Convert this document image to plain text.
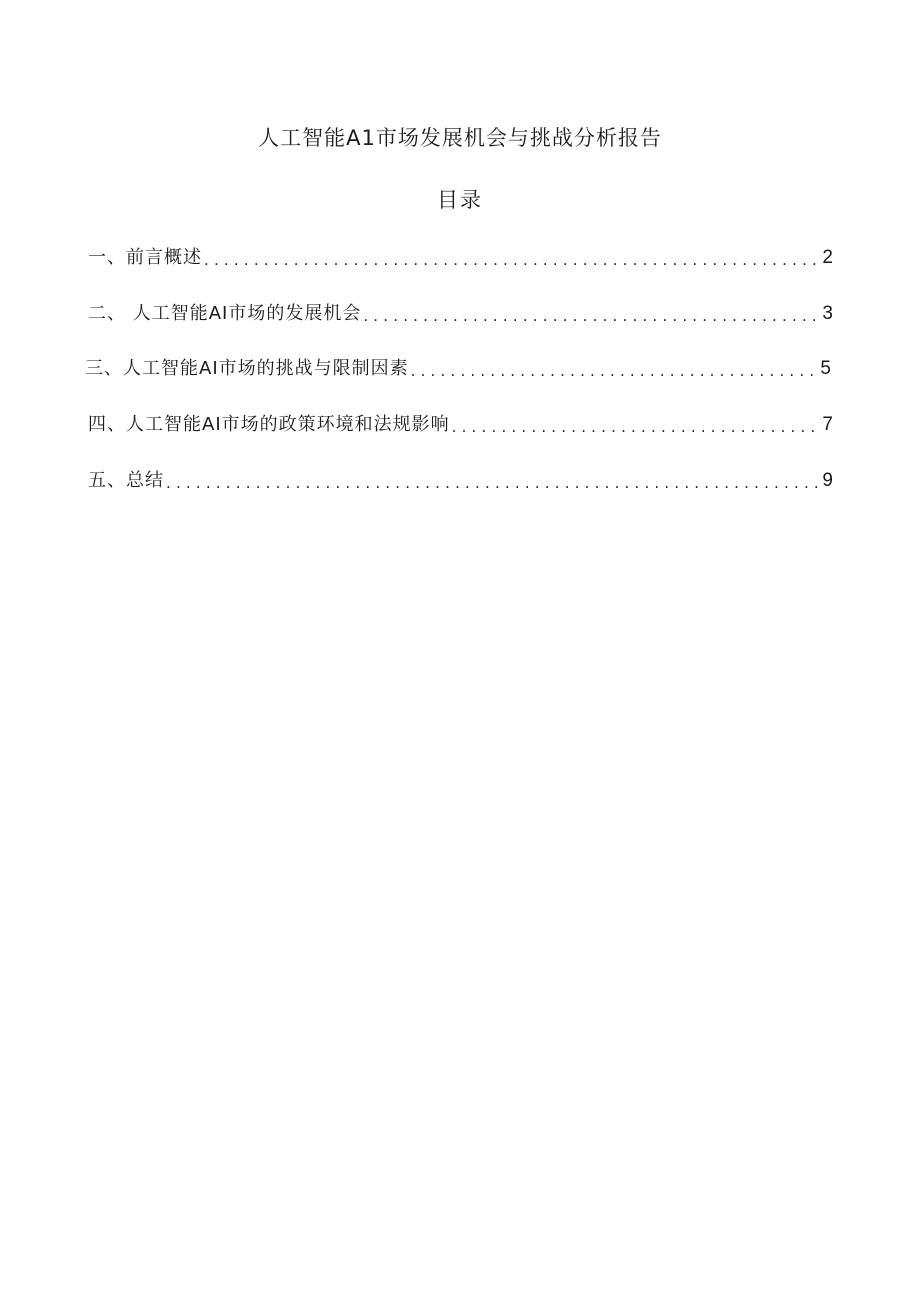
人工智能A1市场发展机会与挑战分析报告
目录
一、前言概述 .....	2
二、 人工智能AI市场的发展机会 .....	3
三、人工智能AI市场的挑战与限制因素 .....	5
四、人工智能AI市场的政策环境和法规影响 .....	7
五、总结 .....	9
